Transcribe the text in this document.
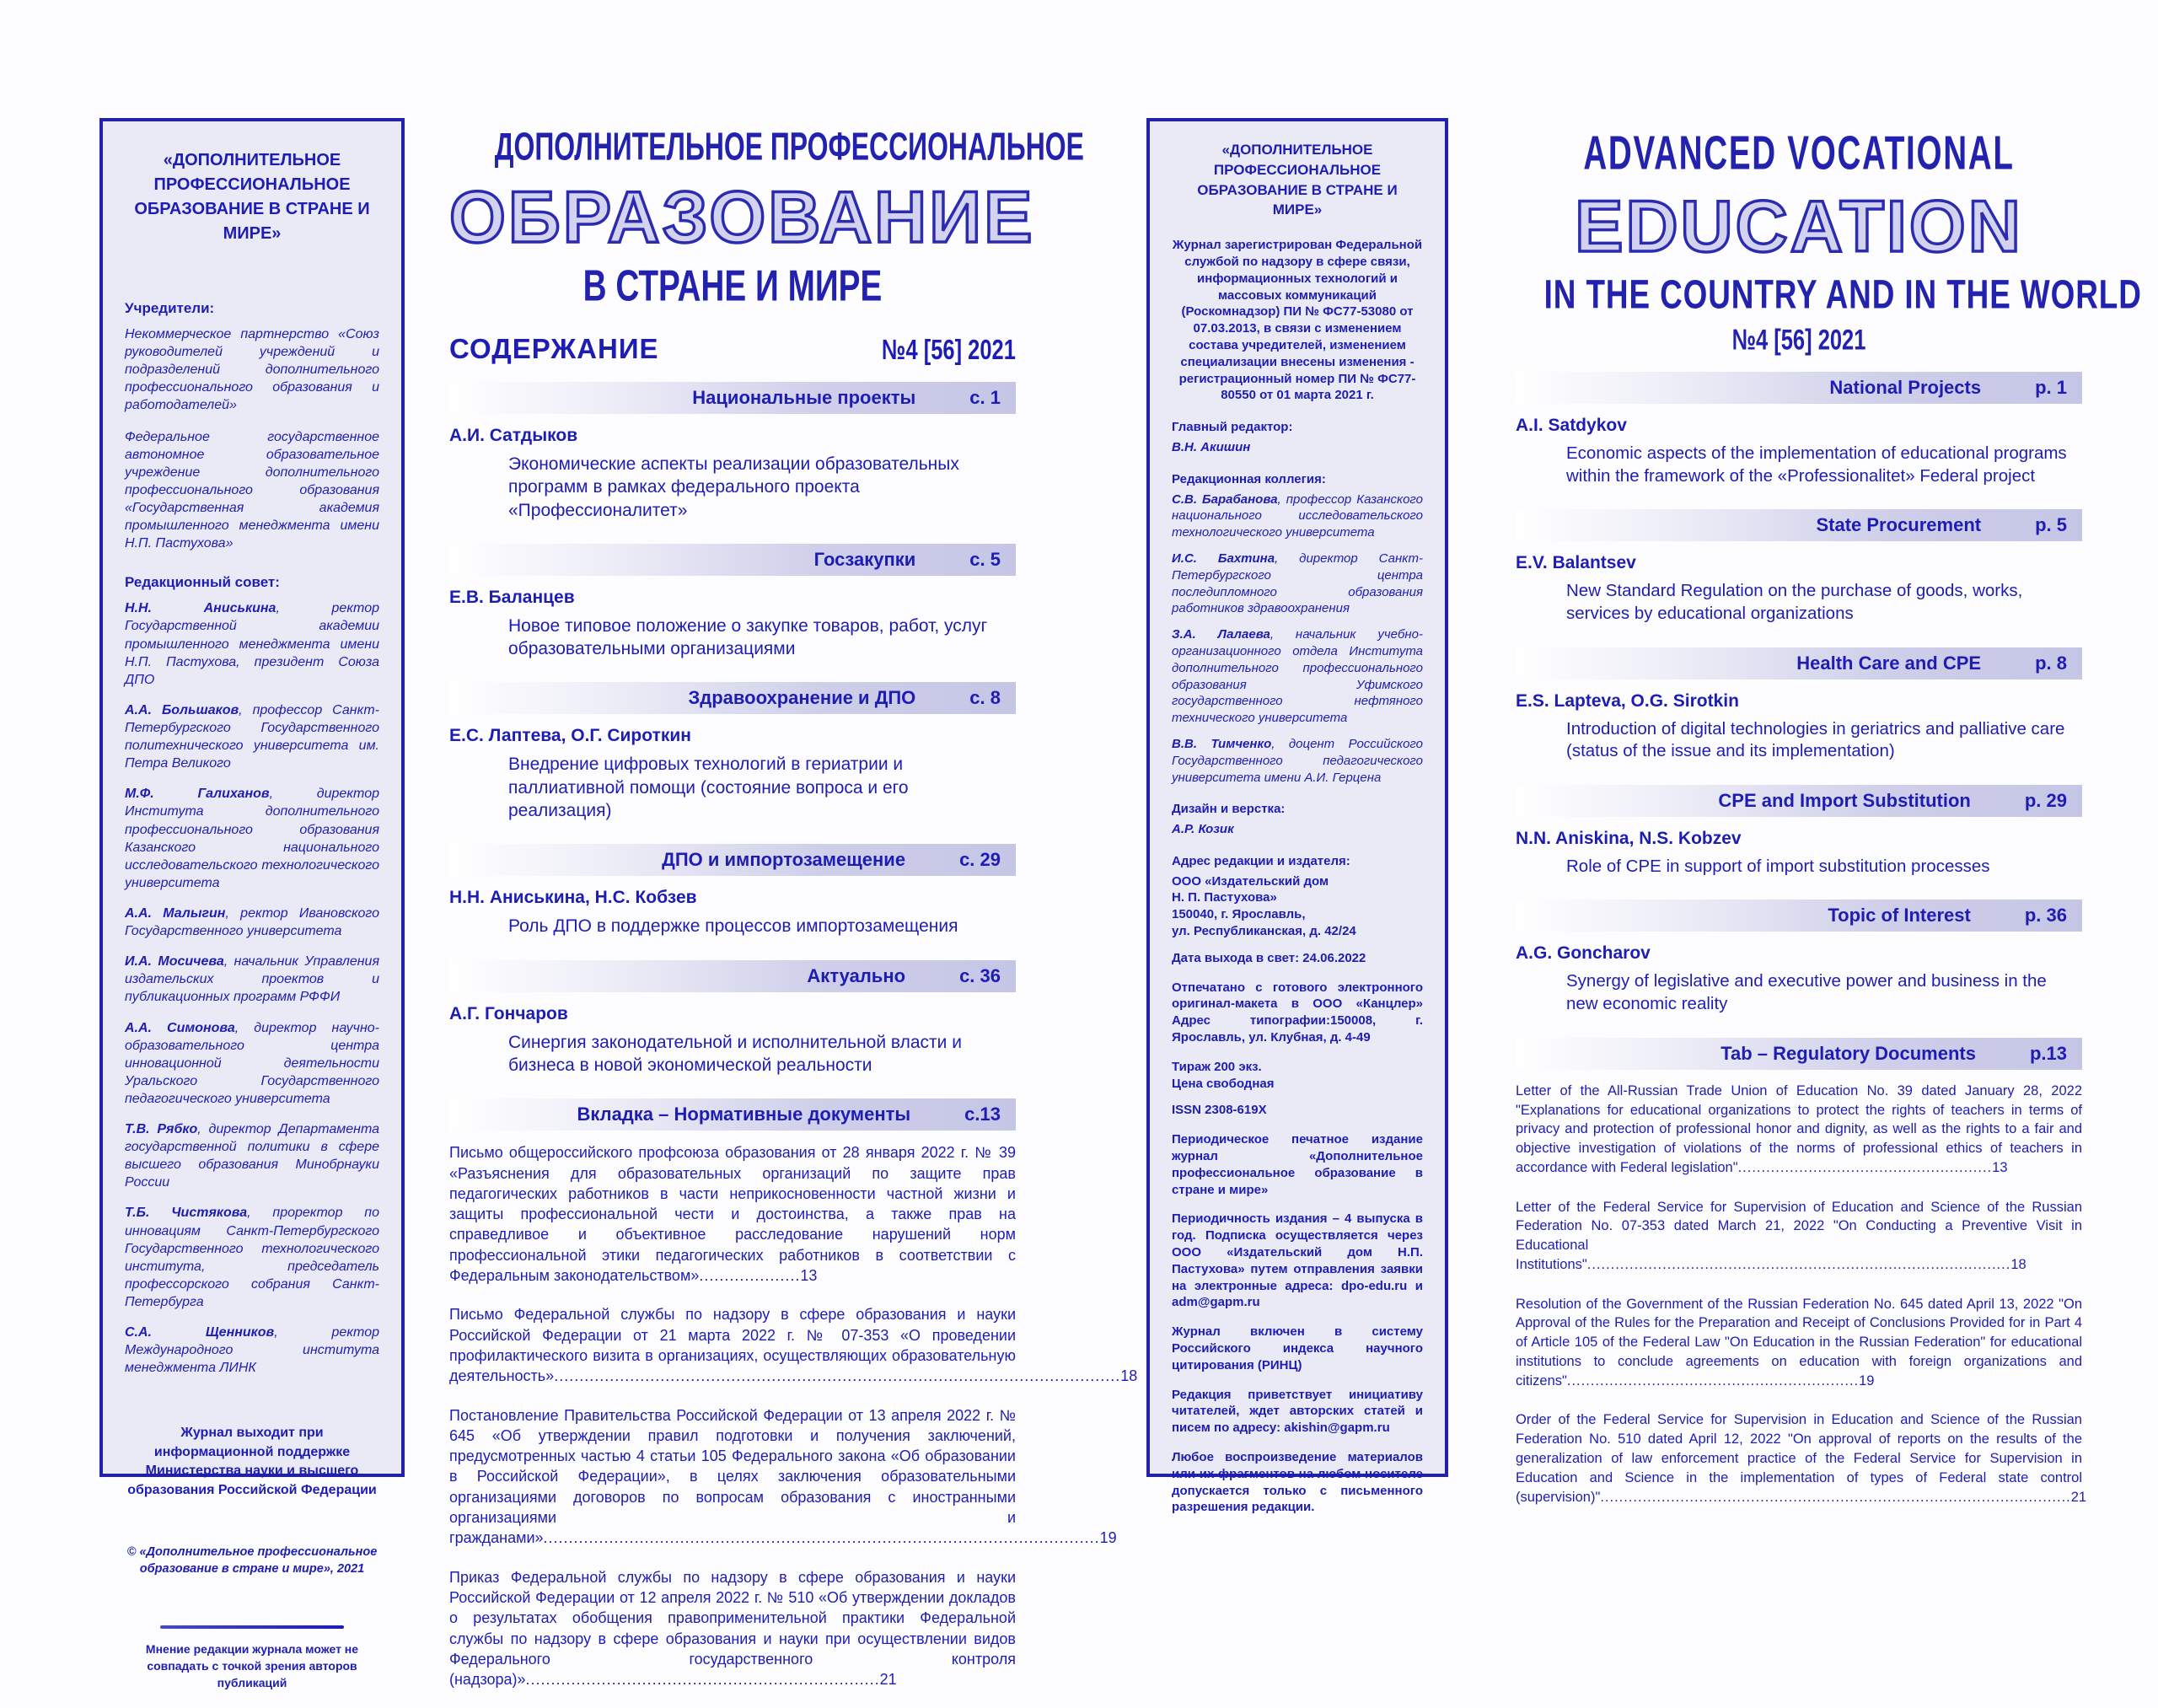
«ДОПОЛНИТЕЛЬНОЕ ПРОФЕССИОНАЛЬНОЕ ОБРАЗОВАНИЕ В СТРАНЕ И МИРЕ»
Учредители:

Некоммерческое партнерство «Союз руководителей учреждений и подразделений дополнительного профессионального образования и работодателей»

Федеральное государственное автономное образовательное учреждение дополнительного профессионального образования «Государственная академия промышленного менеджмента имени Н.П. Пастухова»

Редакционный совет:

Н.Н. Аниськина, ректор Государственной академии промышленного менеджмента имени Н.П. Пастухова, президент Союза ДПО

А.А. Большаков, профессор Санкт-Петербургского Государственного политехнического университета им. Петра Великого

М.Ф. Галиханов, директор Института дополнительного профессионального образования Казанского национального исследовательского технологического университета

А.А. Малыгин, ректор Ивановского Государственного университета

И.А. Мосичева, начальник Управления издательских проектов и публикационных программ РФФИ

А.А. Симонова, директор научно-образовательного центра инновационной деятельности Уральского Государственного педагогического университета

Т.В. Рябко, директор Департамента государственной политики в сфере высшего образования Минобрнауки России

Т.Б. Чистякова, проректор по инновациям Санкт-Петербургского Государственного технологического института, председатель профессорского собрания Санкт-Петербурга

С.А. Щенников, ректор Международного института менеджмента ЛИНК

Журнал выходит при информационной поддержке Министерства науки и высшего образования Российской Федерации
© «Дополнительное профессиональное образование в стране и мире», 2021
Мнение редакции журнала может не совпадать с точкой зрения авторов публикаций
ДОПОЛНИТЕЛЬНОЕ ПРОФЕССИОНАЛЬНОЕ
ОБРАЗОВАНИЕ
В СТРАНЕ И МИРЕ
СОДЕРЖАНИЕ	№4 [56] 2021
Национальные проекты	с. 1
А.И. Сатдыков
Экономические аспекты реализации образовательных программ в рамках федерального проекта «Профессионалитет»
Госзакупки	с. 5
Е.В. Баланцев
Новое типовое положение о закупке товаров, работ, услуг образовательными организациями
Здравоохранение и ДПО	с. 8
Е.С. Лаптева, О.Г. Сироткин
Внедрение цифровых технологий в гериатрии и паллиативной помощи (состояние вопроса и его реализация)
ДПО и импортозамещение	с. 29
Н.Н. Аниськина, Н.С. Кобзев
Роль ДПО в поддержке процессов импортозамещения
Актуально	с. 36
А.Г. Гончаров
Синергия законодательной и исполнительной власти и бизнеса в новой экономической реальности
Вкладка – Нормативные документы	с.13

Письмо общероссийского профсоюза образования от 28 января 2022 г. № 39 «Разъяснения для образовательных организаций по защите прав педагогических работников в части неприкосновенности частной жизни и защиты профессиональной чести и достоинства, а также прав на справедливое и объективное расследование нарушений норм профессиональной этики педагогических работников в соответствии с Федеральным законодательством»....................13

Письмо Федеральной службы по надзору в сфере образования и науки Российской Федерации от 21 марта 2022 г. № 07-353 «О проведении профилактического визита в организациях, осуществляющих образовательную деятельность»................................................................................................................18

Постановление Правительства Российской Федерации от 13 апреля 2022 г. № 645 «Об утверждении правил подготовки и получения заключений, предусмотренных частью 4 статьи 105 Федерального закона «Об образовании в Российской Федерации», в целях заключения образовательными организациями договоров по вопросам образования с иностранными организациями и гражданами»..............................................................................................................19

Приказ Федеральной службы по надзору в сфере образования и науки Российской Федерации от 12 апреля 2022 г. № 510 «Об утверждении докладов о результатах обобщения правоприменительной практики Федеральной службы по надзору в сфере образования и науки при осуществлении видов Федерального государственного контроля (надзора)»......................................................................21

«ДОПОЛНИТЕЛЬНОЕ ПРОФЕССИОНАЛЬНОЕ ОБРАЗОВАНИЕ В СТРАНЕ И МИРЕ»
Журнал зарегистрирован Федеральной службой по надзору в сфере связи, информационных технологий и массовых коммуникаций (Роскомнадзор) ПИ № ФС77-53080 от 07.03.2013, в связи с изменением состава учредителей, изменением специализации внесены изменения - регистрационный номер ПИ № ФС77-80550 от 01 марта 2021 г.
Главный редактор:
В.Н. Акишин
Редакционная коллегия:

С.В. Барабанова, профессор Казанского национального исследовательского технологического университета

И.С. Бахтина, директор Санкт-Петербургского центра последипломного образования работников здравоохранения

З.А. Лалаева, начальник учебно-организационного отдела Института дополнительного профессионального образования Уфимского государственного нефтяного технического университета

В.В. Тимченко, доцент Российского Государственного педагогического университета имени А.И. Герцена

Дизайн и верстка:
А.Р. Козик
Адрес редакции и издателя:
ООО «Издательский дом
Н. П. Пастухова»
150040, г. Ярославль,
ул. Республиканская, д. 42/24
Дата выхода в свет: 24.06.2022
Отпечатано с готового электронного оригинал-макета в ООО «Канцлер» Адрес типографии:150008, г. Ярославль, ул. Клубная, д. 4-49
Тираж 200 экз.
Цена свободная
ISSN 2308-619X
Периодическое печатное издание журнал «Дополнительное профессиональное образование в стране и мире»
Периодичность издания – 4 выпуска в год. Подписка осуществляется через ООО «Издательский дом Н.П. Пастухова» путем отправления заявки на электронные адреса: dpo-edu.ru и adm@gapm.ru
Журнал включен в систему Российского индекса научного цитирования (РИНЦ)
Редакция приветствует инициативу читателей, ждет авторских статей и писем по адресу: akishin@gapm.ru
Любое воспроизведение материалов или их фрагментов на любом носителе допускается только с письменного разрешения редакции.
ADVANCED VOCATIONAL
EDUCATION
IN THE COUNTRY AND IN THE WORLD
№4 [56] 2021
National Projects	p. 1
A.I. Satdykov
Economic aspects of the implementation of educational programs within the framework of the «Professionalitet» Federal project
State Procurement	p. 5
E.V. Balantsev
New Standard Regulation on the purchase of goods, works, services by educational organizations
Health Care and CPE	p. 8
E.S. Lapteva, O.G. Sirotkin
Introduction of digital technologies in geriatrics and palliative care (status of the issue and its implementation)
CPE and Import Substitution	p. 29
N.N. Aniskina, N.S. Kobzev
Role of CPE in support of import substitution processes
Topic of Interest	p. 36
A.G. Goncharov
Synergy of legislative and executive power and business in the new economic reality
Tab – Regulatory Documents	p.13

Letter of the All-Russian Trade Union of Education No. 39 dated January 28, 2022 "Explanations for educational organizations to protect the rights of teachers in terms of privacy and protection of professional honor and dignity, as well as the rights to a fair and objective investigation of violations of the norms of professional ethics of teachers in accordance with Federal legislation"......................................................13

Letter of the Federal Service for Supervision of Education and Science of the Russian Federation No. 07-353 dated March 21, 2022 "On Conducting a Preventive Visit in Educational Institutions"..........................................................................................18

Resolution of the Government of the Russian Federation No. 645 dated April 13, 2022 "On Approval of the Rules for the Preparation and Receipt of Conclusions Provided for in Part 4 of Article 105 of the Federal Law "On Education in the Russian Federation" for educational institutions to conclude agreements on education with foreign organizations and citizens"..............................................................19

Order of the Federal Service for Supervision in Education and Science of the Russian Federation No. 510 dated April 12, 2022 "On approval of reports on the results of the generalization of law enforcement practice of the Federal Service for Supervision in Education and Science in the implementation of types of Federal state control (supervision)"....................................................................................................21
